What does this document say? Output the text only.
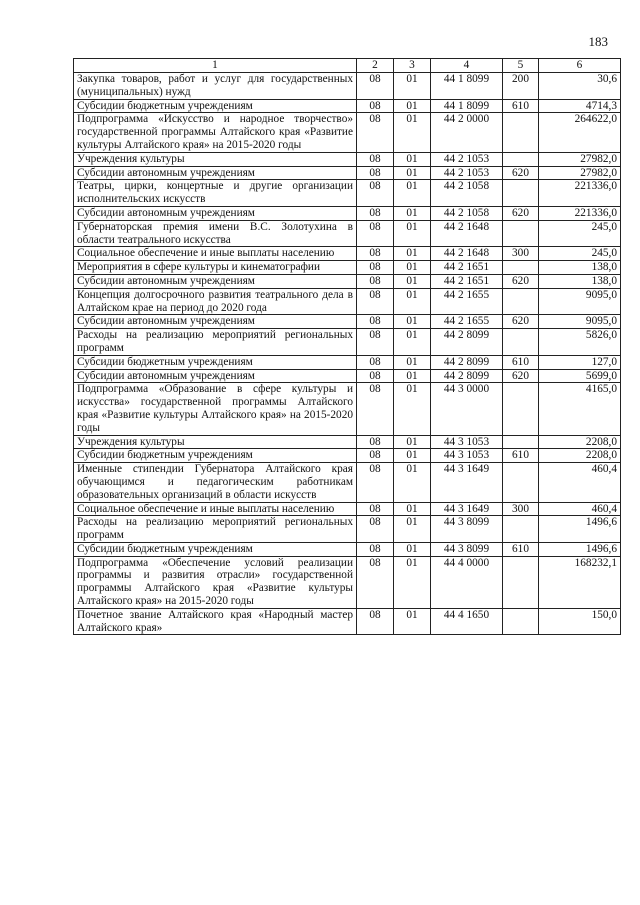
183
1	2	3	4	5	6
Закупка товаров, работ и услуг для государственных (муниципальных) нужд	08	01	44 1 8099	200	30,6
Субсидии бюджетным учреждениям	08	01	44 1 8099	610	4714,3
Подпрограмма «Искусство и народное творчество» государственной программы Алтайского края «Развитие культуры Алтайского края» на 2015-2020 годы	08	01	44 2 0000		264622,0
Учреждения культуры	08	01	44 2 1053		27982,0
Субсидии автономным учреждениям	08	01	44 2 1053	620	27982,0
Театры, цирки, концертные и другие организации исполнительских искусств	08	01	44 2 1058		221336,0
Субсидии автономным учреждениям	08	01	44 2 1058	620	221336,0
Губернаторская премия имени В.С. Золотухина в области театрального искусства	08	01	44 2 1648		245,0
Социальное обеспечение и иные выплаты населению	08	01	44 2 1648	300	245,0
Мероприятия в сфере культуры и кинематографии	08	01	44 2 1651		138,0
Субсидии автономным учреждениям	08	01	44 2 1651	620	138,0
Концепция долгосрочного развития театрального дела в Алтайском крае на период до 2020 года	08	01	44 2 1655		9095,0
Субсидии автономным учреждениям	08	01	44 2 1655	620	9095,0
Расходы на реализацию мероприятий региональных программ	08	01	44 2 8099		5826,0
Субсидии бюджетным учреждениям	08	01	44 2 8099	610	127,0
Субсидии автономным учреждениям	08	01	44 2 8099	620	5699,0
Подпрограмма «Образование в сфере культуры и искусства» государственной программы Алтайского края «Развитие культуры Алтайского края» на 2015-2020 годы	08	01	44 3 0000		4165,0
Учреждения культуры	08	01	44 3 1053		2208,0
Субсидии бюджетным учреждениям	08	01	44 3 1053	610	2208,0
Именные стипендии Губернатора Алтайского края обучающимся и педагогическим работникам образовательных организаций в области искусств	08	01	44 3 1649		460,4
Социальное обеспечение и иные выплаты населению	08	01	44 3 1649	300	460,4
Расходы на реализацию мероприятий региональных программ	08	01	44 3 8099		1496,6
Субсидии бюджетным учреждениям	08	01	44 3 8099	610	1496,6
Подпрограмма «Обеспечение условий реализации программы и развития отрасли» государственной программы Алтайского края «Развитие культуры Алтайского края» на 2015-2020 годы	08	01	44 4 0000		168232,1
Почетное звание Алтайского края «Народный мастер Алтайского края»	08	01	44 4 1650		150,0
